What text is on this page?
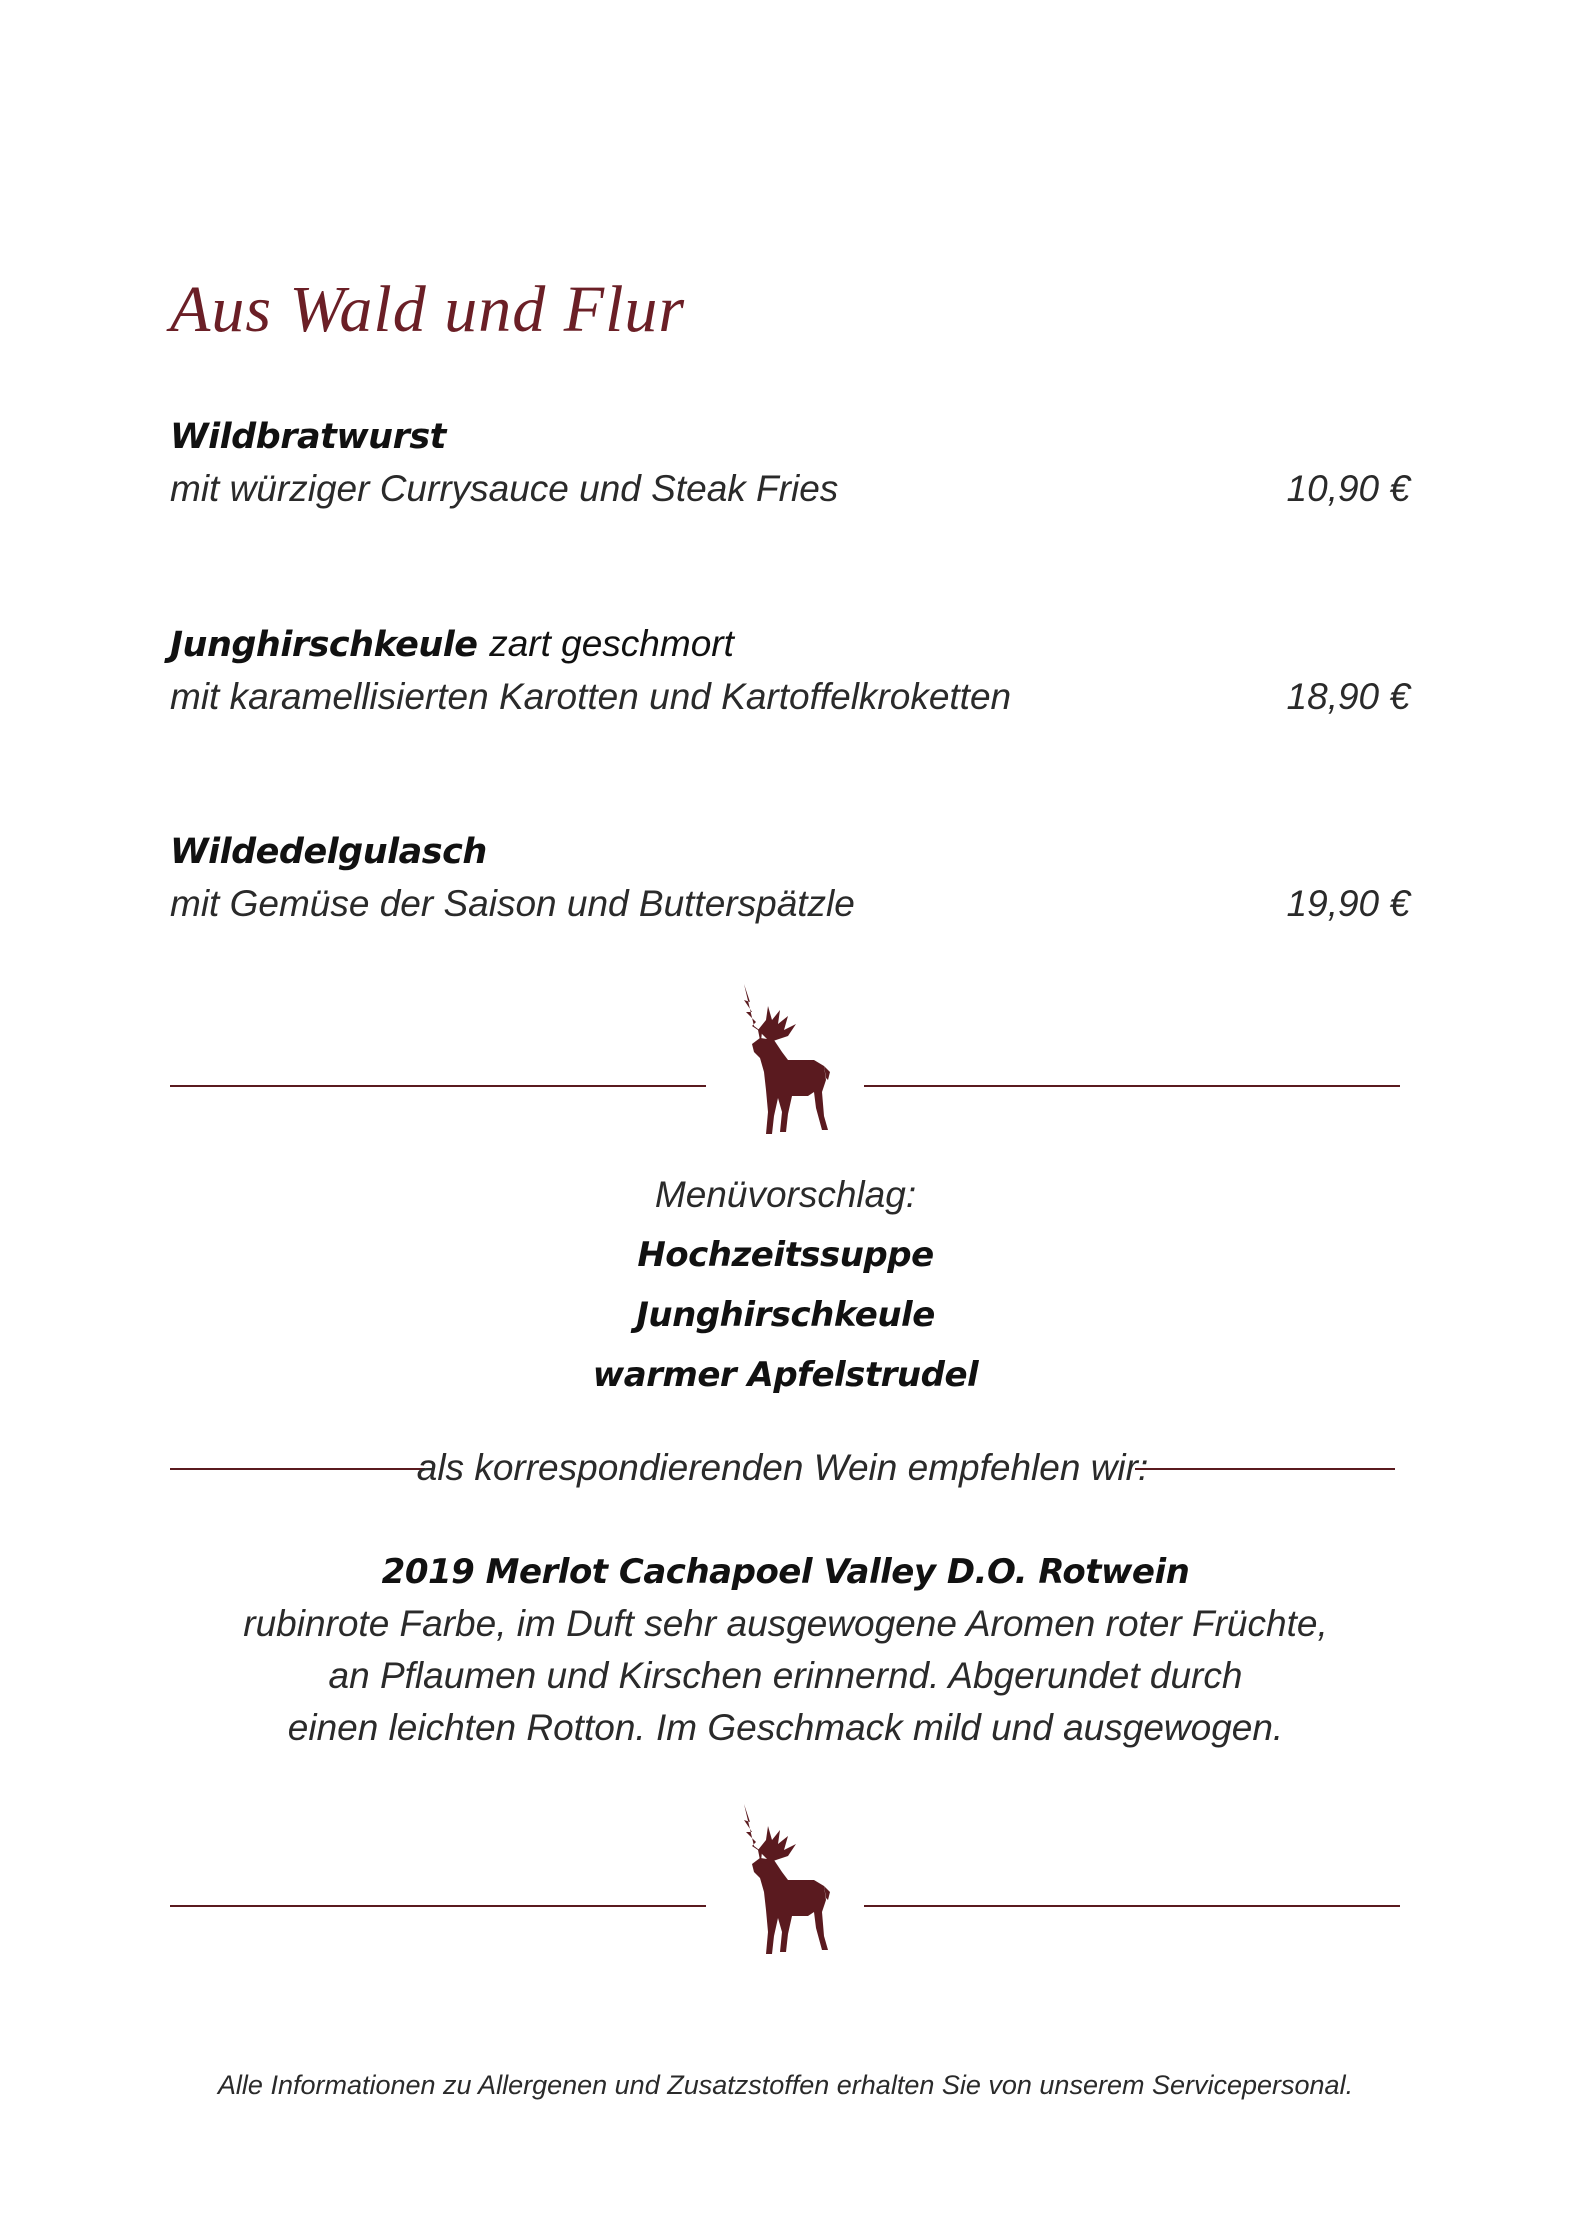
Aus Wald und Flur
Wildbratwurst
mit würziger Currysauce und Steak Fries	10,90 €
Junghirschkeule zart geschmort
mit karamellisierten Karotten und Kartoffelkroketten	18,90 €
Wildedelgulasch
mit Gemüse der Saison und Butterspätzle	19,90 €
Menüvorschlag:
Hochzeitssuppe
Junghirschkeule
warmer Apfelstrudel
als korrespondierenden Wein empfehlen wir:
2019 Merlot Cachapoel Valley D.O. Rotwein
rubinrote Farbe, im Duft sehr ausgewogene Aromen roter Früchte,
an Pflaumen und Kirschen erinnernd. Abgerundet durch
einen leichten Rotton. Im Geschmack mild und ausgewogen.
Alle Informationen zu Allergenen und Zusatzstoffen erhalten Sie von unserem Servicepersonal.
